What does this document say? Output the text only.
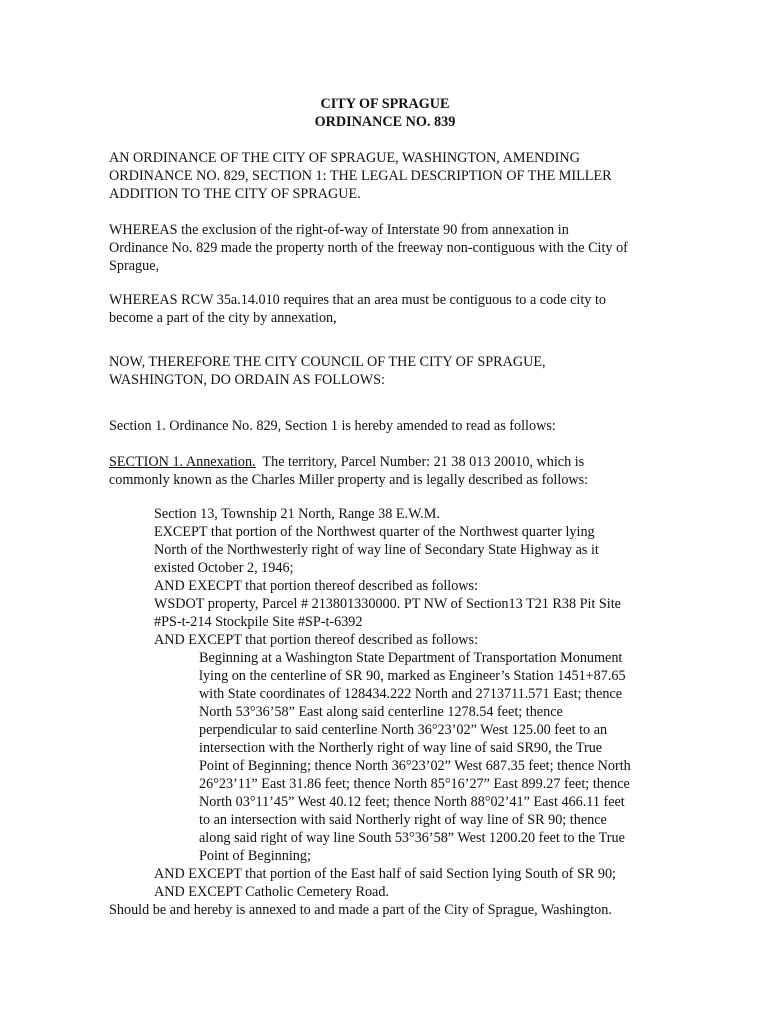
CITY OF SPRAGUE
ORDINANCE NO. 839
AN ORDINANCE OF THE CITY OF SPRAGUE, WASHINGTON, AMENDING
ORDINANCE NO. 829, SECTION 1: THE LEGAL DESCRIPTION OF THE MILLER
ADDITION TO THE CITY OF SPRAGUE.
WHEREAS the exclusion of the right-of-way of Interstate 90 from annexation in
Ordinance No. 829 made the property north of the freeway non-contiguous with the City of
Sprague,
WHEREAS RCW 35a.14.010 requires that an area must be contiguous to a code city to
become a part of the city by annexation,
NOW, THEREFORE THE CITY COUNCIL OF THE CITY OF SPRAGUE,
WASHINGTON, DO ORDAIN AS FOLLOWS:
Section 1. Ordinance No. 829, Section 1 is hereby amended to read as follows:
SECTION 1. Annexation.  The territory, Parcel Number: 21 38 013 20010, which is
commonly known as the Charles Miller property and is legally described as follows:
Section 13, Township 21 North, Range 38 E.W.M.
EXCEPT that portion of the Northwest quarter of the Northwest quarter lying
North of the Northwesterly right of way line of Secondary State Highway as it
existed October 2, 1946;
AND EXECPT that portion thereof described as follows:
WSDOT property, Parcel # 213801330000. PT NW of Section13 T21 R38 Pit Site
#PS-t-214 Stockpile Site #SP-t-6392
AND EXCEPT that portion thereof described as follows:
Beginning at a Washington State Department of Transportation Monument
lying on the centerline of SR 90, marked as Engineer’s Station 1451+87.65
with State coordinates of 128434.222 North and 2713711.571 East; thence
North 53°36’58” East along said centerline 1278.54 feet; thence
perpendicular to said centerline North 36°23’02” West 125.00 feet to an
intersection with the Northerly right of way line of said SR90, the True
Point of Beginning; thence North 36°23’02” West 687.35 feet; thence North
26°23’11” East 31.86 feet; thence North 85°16’27” East 899.27 feet; thence
North 03°11’45” West 40.12 feet; thence North 88°02’41” East 466.11 feet
to an intersection with said Northerly right of way line of SR 90; thence
along said right of way line South 53°36’58” West 1200.20 feet to the True
Point of Beginning;
AND EXCEPT that portion of the East half of said Section lying South of SR 90;
AND EXCEPT Catholic Cemetery Road.
Should be and hereby is annexed to and made a part of the City of Sprague, Washington.
